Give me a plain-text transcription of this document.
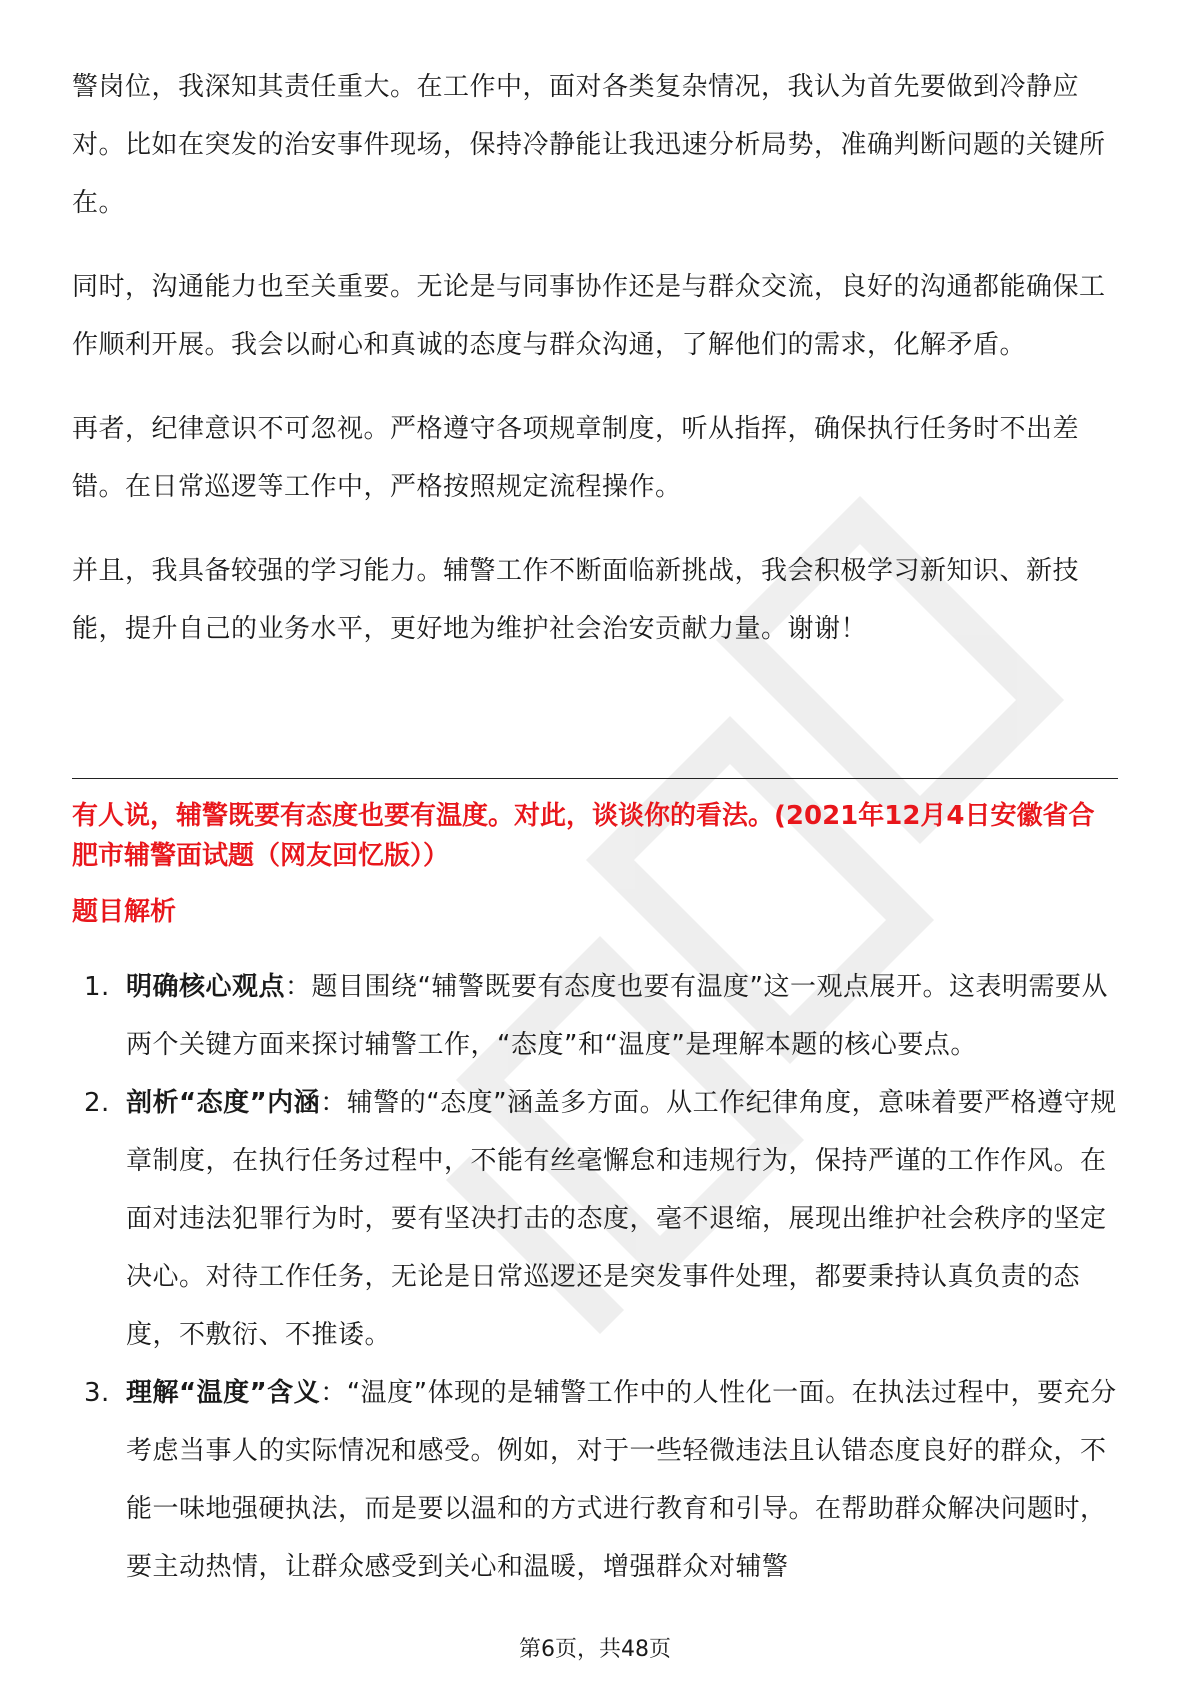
警岗位，我深知其责任重大。在工作中，面对各类复杂情况，我认为首先要做到冷静应对。比如在突发的治安事件现场，保持冷静能让我迅速分析局势，准确判断问题的关键所在。

同时，沟通能力也至关重要。无论是与同事协作还是与群众交流，良好的沟通都能确保工作顺利开展。我会以耐心和真诚的态度与群众沟通，了解他们的需求，化解矛盾。

再者，纪律意识不可忽视。严格遵守各项规章制度，听从指挥，确保执行任务时不出差错。在日常巡逻等工作中，严格按照规定流程操作。

并且，我具备较强的学习能力。辅警工作不断面临新挑战，我会积极学习新知识、新技能，提升自己的业务水平，更好地为维护社会治安贡献力量。谢谢！

有人说，辅警既要有态度也要有温度。对此，谈谈你的看法。(2021年12月4日安徽省合肥市辅警面试题（网友回忆版））

题目解析

1. 明确核心观点：题目围绕“辅警既要有态度也要有温度”这一观点展开。这表明需要从两个关键方面来探讨辅警工作，“态度”和“温度”是理解本题的核心要点。
2. 剖析“态度”内涵：辅警的“态度”涵盖多方面。从工作纪律角度，意味着要严格遵守规章制度，在执行任务过程中，不能有丝毫懈怠和违规行为，保持严谨的工作作风。在面对违法犯罪行为时，要有坚决打击的态度，毫不退缩，展现出维护社会秩序的坚定决心。对待工作任务，无论是日常巡逻还是突发事件处理，都要秉持认真负责的态度，不敷衍、不推诿。
3. 理解“温度”含义：“温度”体现的是辅警工作中的人性化一面。在执法过程中，要充分考虑当事人的实际情况和感受。例如，对于一些轻微违法且认错态度良好的群众，不能一味地强硬执法，而是要以温和的方式进行教育和引导。在帮助群众解决问题时，要主动热情，让群众感受到关心和温暖，增强群众对辅警
第6页，共48页
